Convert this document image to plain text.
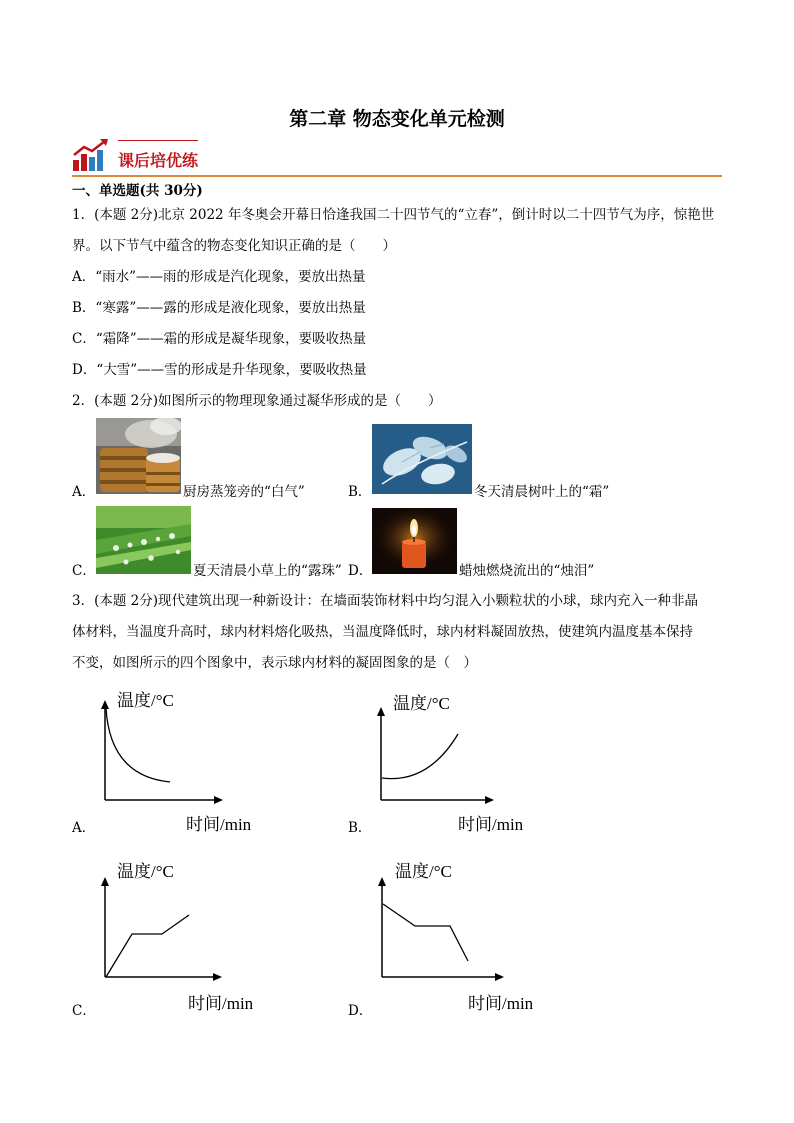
第二章 物态变化单元检测
课后培优练
一、单选题(共 30分)
1．(本题 2分)北京 2022 年冬奥会开幕日恰逢我国二十四节气的“立春”，倒计时以二十四节气为序，惊艳世
界。以下节气中蕴含的物态变化知识正确的是（　　）
A．“雨水”——雨的形成是汽化现象，要放出热量
B．“寒露”——露的形成是液化现象，要放出热量
C．“霜降”——霜的形成是凝华现象，要吸收热量
D．“大雪”——雪的形成是升华现象，要吸收热量
2．(本题 2分)如图所示的物理现象通过凝华形成的是（　　）
A．	厨房蒸笼旁的“白气”	B．	冬天清晨树叶上的“霜”
C．	夏天清晨小草上的“露珠” D．	蜡烛燃烧流出的“烛泪”
3．(本题 2分)现代建筑出现一种新设计：在墙面装饰材料中均匀混入小颗粒状的小球，球内充入一种非晶
体材料，当温度升高时，球内材料熔化吸热，当温度降低时，球内材料凝固放热，使建筑内温度基本保持
不变，如图所示的四个图象中，表示球内材料的凝固图象的是（　）
温度/°C
时间/min
A．
温度/°C
时间/min
B．
温度/°C
时间/min
C．
温度/°C
时间/min
D．
